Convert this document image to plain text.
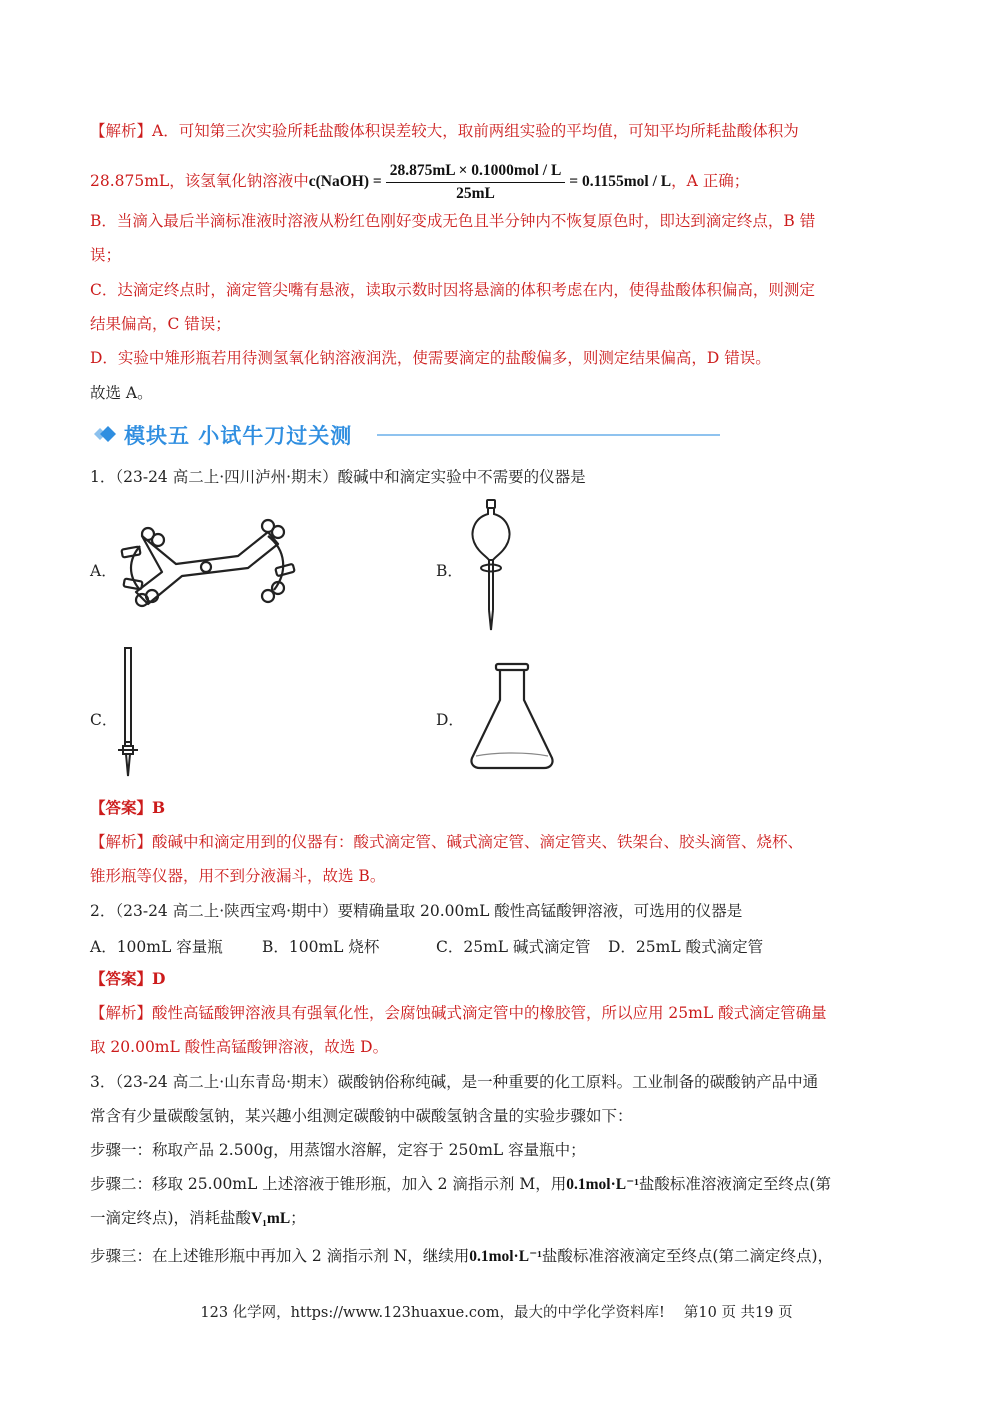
【解析】A．可知第三次实验所耗盐酸体积误差较大，取前两组实验的平均值，可知平均所耗盐酸体积为
28.875mL，该氢氧化钠溶液中c(NaOH) = $\frac{\text{28.875mL × 0.1000mol / L}}{25mL} = 0.1155mol / L$，A 正确；
B．当滴入最后半滴标准液时溶液从粉红色刚好变成无色且半分钟内不恢复原色时，即达到滴定终点，B 错
误；
C．达滴定终点时，滴定管尖嘴有悬液，读取示数时因将悬滴的体积考虑在内，使得盐酸体积偏高，则测定
结果偏高，C 错误；
D．实验中雉形瓶若用待测氢氧化钠溶液润洗，使需要滴定的盐酸偏多，则测定结果偏高，D 错误。
故选 A。
模块五 小试牛刀过关测
1．（23-24 高二上·四川泸州·期末）酸碱中和滴定实验中不需要的仪器是
A．	B．
C．	D．
【答案】B
【解析】酸碱中和滴定用到的仪器有：酸式滴定管、碱式滴定管、滴定管夹、铁架台、胶头滴管、烧杯、
锥形瓶等仪器，用不到分液漏斗，故选 B。
2．（23-24 高二上·陕西宝鸡·期中）要精确量取 20.00mL 酸性高锰酸钾溶液，可选用的仪器是
A．100mL 容量瓶	B．100mL 烧杯	C．25mL 碱式滴定管 D．25mL 酸式滴定管
【答案】D
【解析】酸性高锰酸钾溶液具有强氧化性，会腐蚀碱式滴定管中的橡胶管，所以应用 25mL 酸式滴定管确量
取 20.00mL 酸性高锰酸钾溶液，故选 D。
3．（23-24 高二上·山东青岛·期末）碳酸钠俗称纯碱，是一种重要的化工原料。工业制备的碳酸钠产品中通
常含有少量碳酸氢钠，某兴趣小组测定碳酸钠中碳酸氢钠含量的实验步骤如下：
步骤一：称取产品 2.500g，用蒸馏水溶解，定容于 250mL 容量瓶中；
步骤二：移取 25.00mL 上述溶液于锥形瓶，加入 2 滴指示剂 M，用0.1mol·L⁻¹盐酸标准溶液滴定至终点(第
一滴定终点)，消耗盐酸V₁mL；
步骤三：在上述锥形瓶中再加入 2 滴指示剂 N，继续用0.1mol·L⁻¹盐酸标准溶液滴定至终点(第二滴定终点)，
123 化学网，https://www.123huaxue.com，最大的中学化学资料库!　 第10 页 共19 页
